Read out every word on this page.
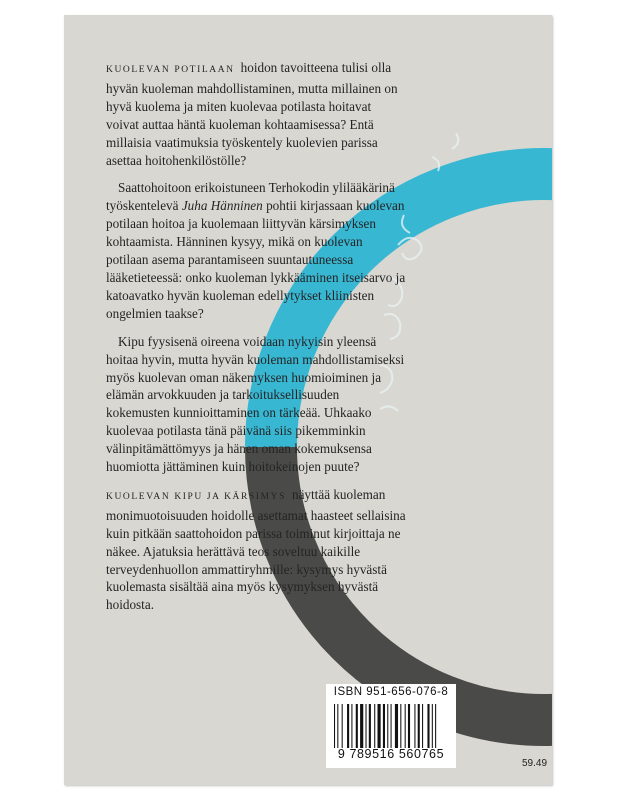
KUOLEVAN POTILAAN hoidon tavoitteena tulisi olla hyvän kuoleman mahdollistaminen, mutta millainen on hyvä kuolema ja miten kuolevaa potilasta hoitavat voivat auttaa häntä kuoleman kohtaamisessa? Entä millaisia vaatimuksia työskentely kuolevien parissa asettaa hoitohenkilöstölle?

Saattohoitoon erikoistuneen Terhokodin ylilääkärinä työskentelevä Juha Hänninen pohtii kirjassaan kuolevan potilaan hoitoa ja kuolemaan liittyvän kärsimyksen kohtaamista. Hänninen kysyy, mikä on kuolevan potilaan asema parantamiseen suuntautuneessa lääketieteessä: onko kuoleman lykkääminen itseisarvo ja katoavatko hyvän kuoleman edellytykset kliinisten ongelmien taakse?

Kipu fyysisenä oireena voidaan nykyisin yleensä hoitaa hyvin, mutta hyvän kuoleman mahdollistamiseksi myös kuolevan oman näkemyksen huomioiminen ja elämän arvokkuuden ja tarkoituksellisuuden kokemusten kunnioittaminen on tärkeää. Uhkaako kuolevaa potilasta tänä päivänä siis pikemminkin välinpitämättömyys ja hänen oman kokemuksensa huomiotta jättäminen kuin hoitokeinojen puute?

KUOLEVAN KIPU JA KÄRSIMYS näyttää kuoleman monimuotoisuuden hoidolle asettamat haasteet sellaisina kuin pitkään saattohoidon parissa toiminut kirjoittaja ne näkee. Ajatuksia herättävä teos soveltuu kaikille terveydenhuollon ammattiryhmille: kysymys hyvästä kuolemasta sisältää aina myös kysymyksen hyvästä hoidosta.

ISBN 951-656-076-8
9 789516 560765
59.49
